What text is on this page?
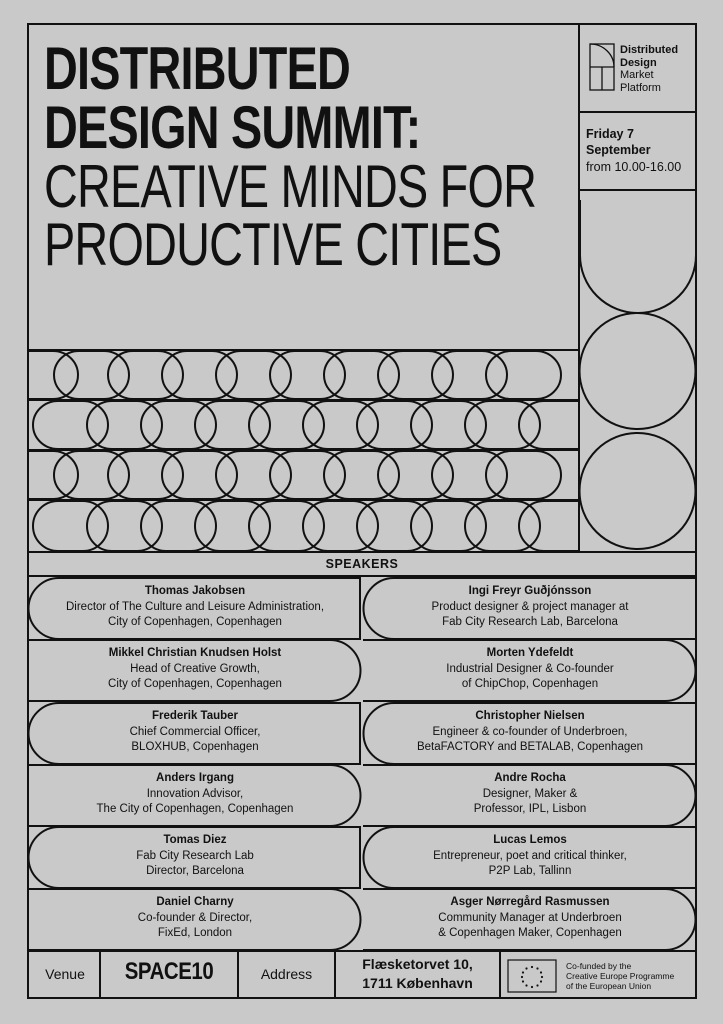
DISTRIBUTED
DESIGN SUMMIT:
CREATIVE MINDS FOR
PRODUCTIVE CITIES
Distributed
Design
Market
Platform
Friday 7
September
from 10.00-16.00
SPEAKERS
Thomas Jakobsen
Director of The Culture and Leisure Administration,
City of Copenhagen, Copenhagen
Mikkel Christian Knudsen Holst
Head of Creative Growth,
City of Copenhagen, Copenhagen
Frederik Tauber
Chief Commercial Officer,
BLOXHUB, Copenhagen
Anders Irgang
Innovation Advisor,
The City of Copenhagen, Copenhagen
Tomas Diez
Fab City Research Lab
Director, Barcelona
Daniel Charny
Co-founder & Director,
FixEd, London
Ingi Freyr Guðjónsson
Product designer & project manager at
Fab City Research Lab, Barcelona
Morten Ydefeldt
Industrial Designer & Co-founder
of ChipChop, Copenhagen
Christopher Nielsen
Engineer & co-founder of Underbroen,
BetaFACTORY and BETALAB, Copenhagen
Andre Rocha
Designer, Maker &
Professor, IPL, Lisbon
Lucas Lemos
Entrepreneur, poet and critical thinker,
P2P Lab, Tallinn
Asger Nørregård Rasmussen
Community Manager at Underbroen
& Copenhagen Maker, Copenhagen
Venue	SPACE10	Address
Flæsketorvet 10,
1711 København
Co-funded by the
Creative Europe Programme
of the European Union
